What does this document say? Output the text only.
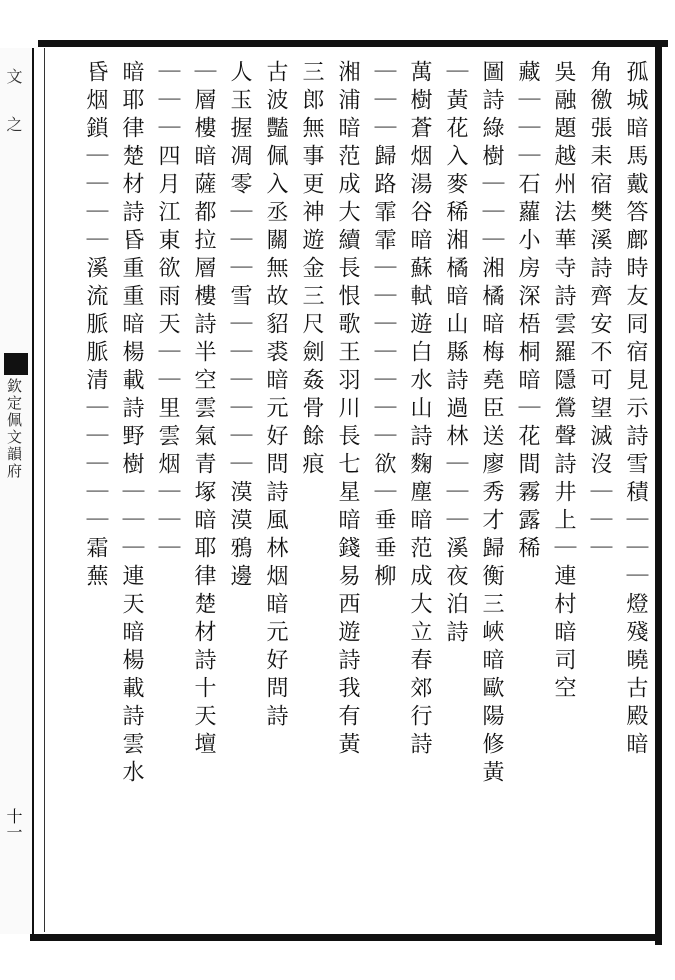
文　之
欽定佩文韻府
十一
孤城暗馬戴答鄜時友同宿見示詩雪積｜｜｜燈殘曉古殿暗
角徼張耒宿樊溪詩齊安不可望滅沒｜｜｜
吳融題越州法華寺詩雲羅隱鶯聲詩井上｜連村暗司空
藏｜｜｜石蘿小房深梧桐暗｜花間霧露稀
圖詩綠樹｜｜｜湘橘暗梅堯臣送廖秀才歸衡三峽暗歐陽修黃
｜黃花入麥稀湘橘暗山縣詩過林｜｜｜溪夜泊詩
萬樹蒼烟湯谷暗蘇軾遊白水山詩麴塵暗范成大立春郊行詩
｜｜｜歸路霏霏｜｜｜｜｜｜｜欲｜垂垂柳
湘浦暗范成大續長恨歌王羽川長七星暗錢易西遊詩我有黃
三郎無事更神遊金三尺劍姦骨餘痕
古波豔佩入丞關無故貂裘暗元好問詩風林烟暗元好問詩
人玉握凋零｜｜｜雪｜｜｜｜｜｜漠漠鴉邊
｜層樓暗薩都拉層樓詩半空雲氣青塚暗耶律楚材詩十天壇
｜｜｜四月江東欲雨天｜｜里雲烟｜｜｜
暗耶律楚材詩昏重重暗楊載詩野樹｜｜｜連天暗楊載詩雲水
昏烟鎖｜｜｜｜溪流脈脈清｜｜｜｜｜霜蕪
